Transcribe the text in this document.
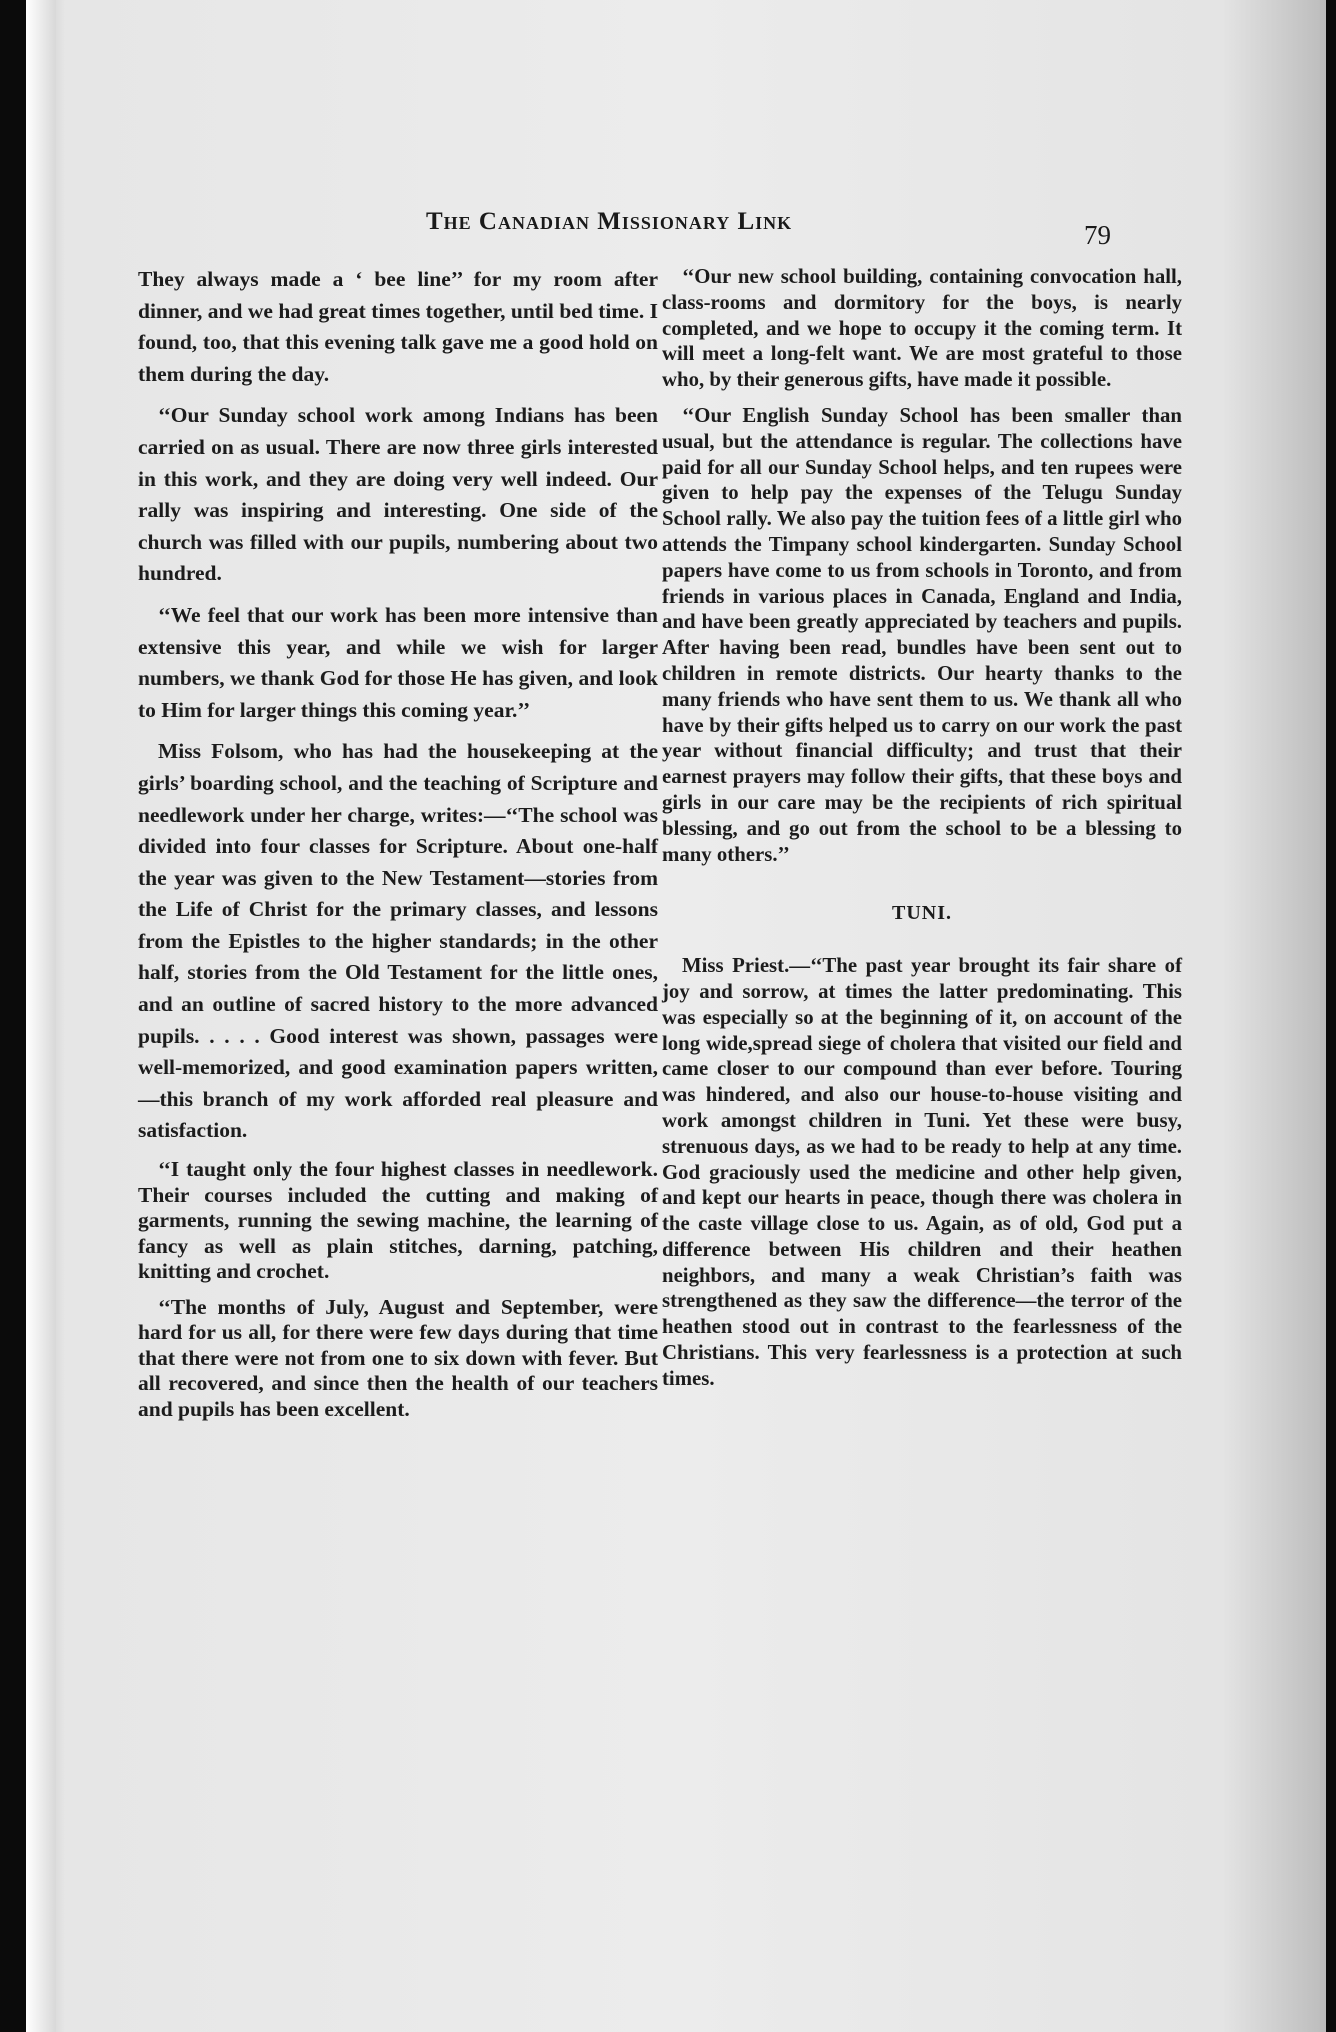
The Canadian Missionary Link	79

They always made a ‘ bee line’’ for my room after dinner, and we had great times together, until bed time. I found, too, that this evening talk gave me a good hold on them during the day.

‘‘Our Sunday school work among Indians has been carried on as usual. There are now three girls interested in this work, and they are doing very well indeed. Our rally was inspiring and interesting. One side of the church was filled with our pupils, numbering about two hundred.

‘‘We feel that our work has been more intensive than extensive this year, and while we wish for larger numbers, we thank God for those He has given, and look to Him for larger things this coming year.’’

Miss Folsom, who has had the housekeeping at the girls’ boarding school, and the teaching of Scripture and needlework under her charge, writes:—‘‘The school was divided into four classes for Scripture. About one-half the year was given to the New Testament—stories from the Life of Christ for the primary classes, and lessons from the Epistles to the higher standards; in the other half, stories from the Old Testament for the little ones, and an outline of sacred history to the more advanced pupils. . . . . Good interest was shown, passages were well-memorized, and good examination papers written,—this branch of my work afforded real pleasure and satisfaction.

‘‘I taught only the four highest classes in needlework. Their courses included the cutting and making of garments, running the sewing machine, the learning of fancy as well as plain stitches, darning, patching, knitting and crochet.

‘‘The months of July, August and September, were hard for us all, for there were few days during that time that there were not from one to six down with fever. But all recovered, and since then the health of our teachers and pupils has been excellent.

‘‘Our new school building, containing convocation hall, class-rooms and dormitory for the boys, is nearly completed, and we hope to occupy it the coming term. It will meet a long-felt want. We are most grateful to those who, by their generous gifts, have made it possible.

‘‘Our English Sunday School has been smaller than usual, but the attendance is regular. The collections have paid for all our Sunday School helps, and ten rupees were given to help pay the expenses of the Telugu Sunday School rally. We also pay the tuition fees of a little girl who attends the Timpany school kindergarten. Sunday School papers have come to us from schools in Toronto, and from friends in various places in Canada, England and India, and have been greatly appreciated by teachers and pupils. After having been read, bundles have been sent out to children in remote districts. Our hearty thanks to the many friends who have sent them to us. We thank all who have by their gifts helped us to carry on our work the past year without financial difficulty; and trust that their earnest prayers may follow their gifts, that these boys and girls in our care may be the recipients of rich spiritual blessing, and go out from the school to be a blessing to many others.’’

TUNI.

Miss Priest.—‘‘The past year brought its fair share of joy and sorrow, at times the latter predominating. This was especially so at the beginning of it, on account of the long wide,spread siege of cholera that visited our field and came closer to our compound than ever before. Touring was hindered, and also our house-to-house visiting and work amongst children in Tuni. Yet these were busy, strenuous days, as we had to be ready to help at any time. God graciously used the medicine and other help given, and kept our hearts in peace, though there was cholera in the caste village close to us. Again, as of old, God put a difference between His children and their heathen neighbors, and many a weak Christian’s faith was strengthened as they saw the difference—the terror of the heathen stood out in contrast to the fearlessness of the Christians. This very fearlessness is a protection at such times.
